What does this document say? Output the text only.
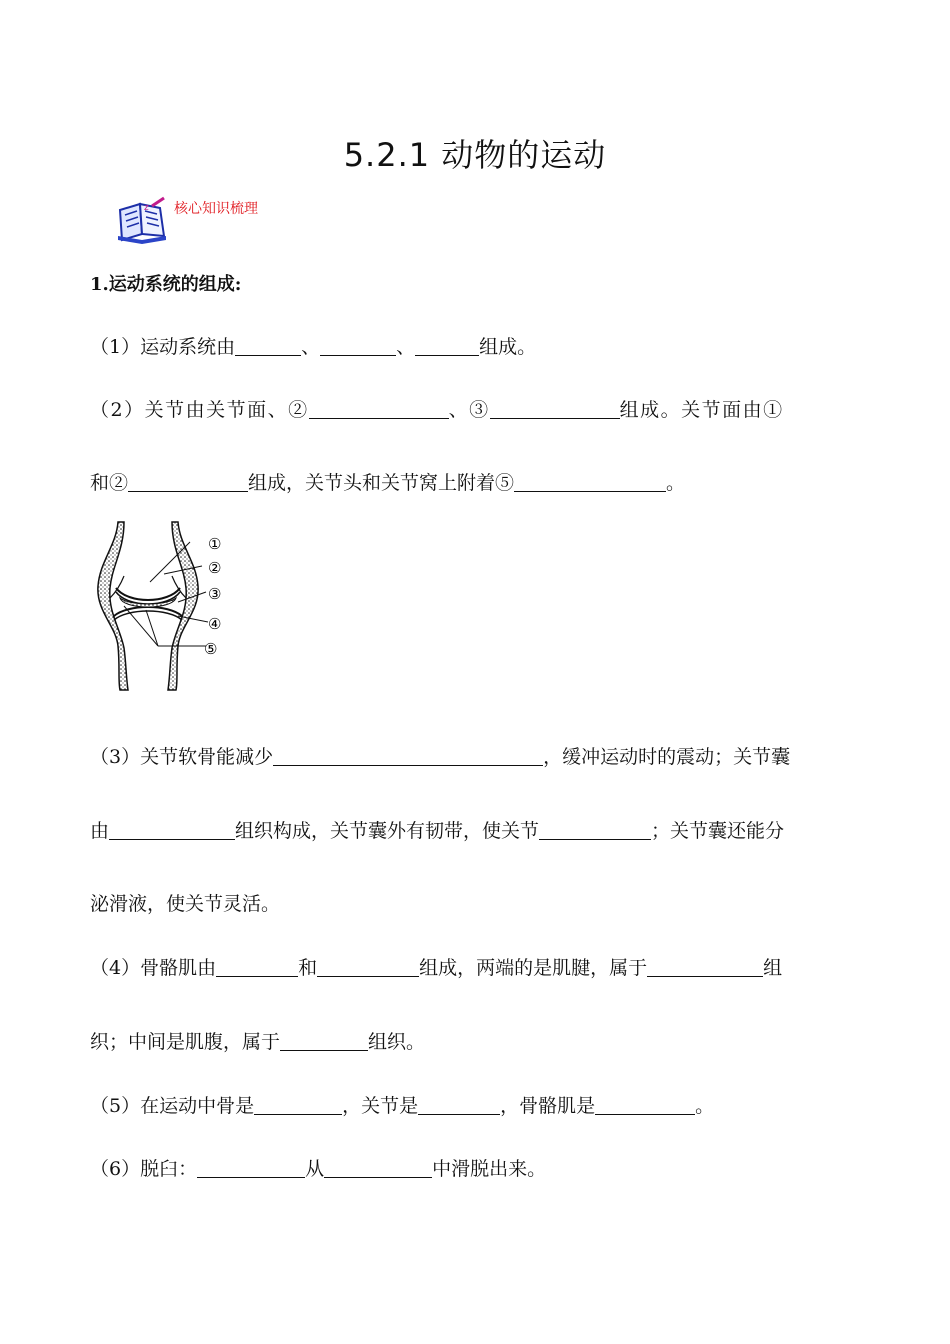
5.2.1 动物的运动
z 核心知识梳理
1.运动系统的组成:
（1）运动系统由	、	、	组成。
（2）关节由关节面、②	、③	组成。关节面由①
和②	组成，关节头和关节窝上附着⑤	。
①
②
③
④
⑤
（3）关节软骨能减少	，缓冲运动时的震动；关节囊
由	组织构成，关节囊外有韧带，使关节	；关节囊还能分
泌滑液，使关节灵活。
（4）骨骼肌由	和	组成，两端的是肌腱，属于	组
织；中间是肌腹，属于	组织。
（5）在运动中骨是	，关节是	，骨骼肌是	。
（6）脱臼：	从	中滑脱出来。
